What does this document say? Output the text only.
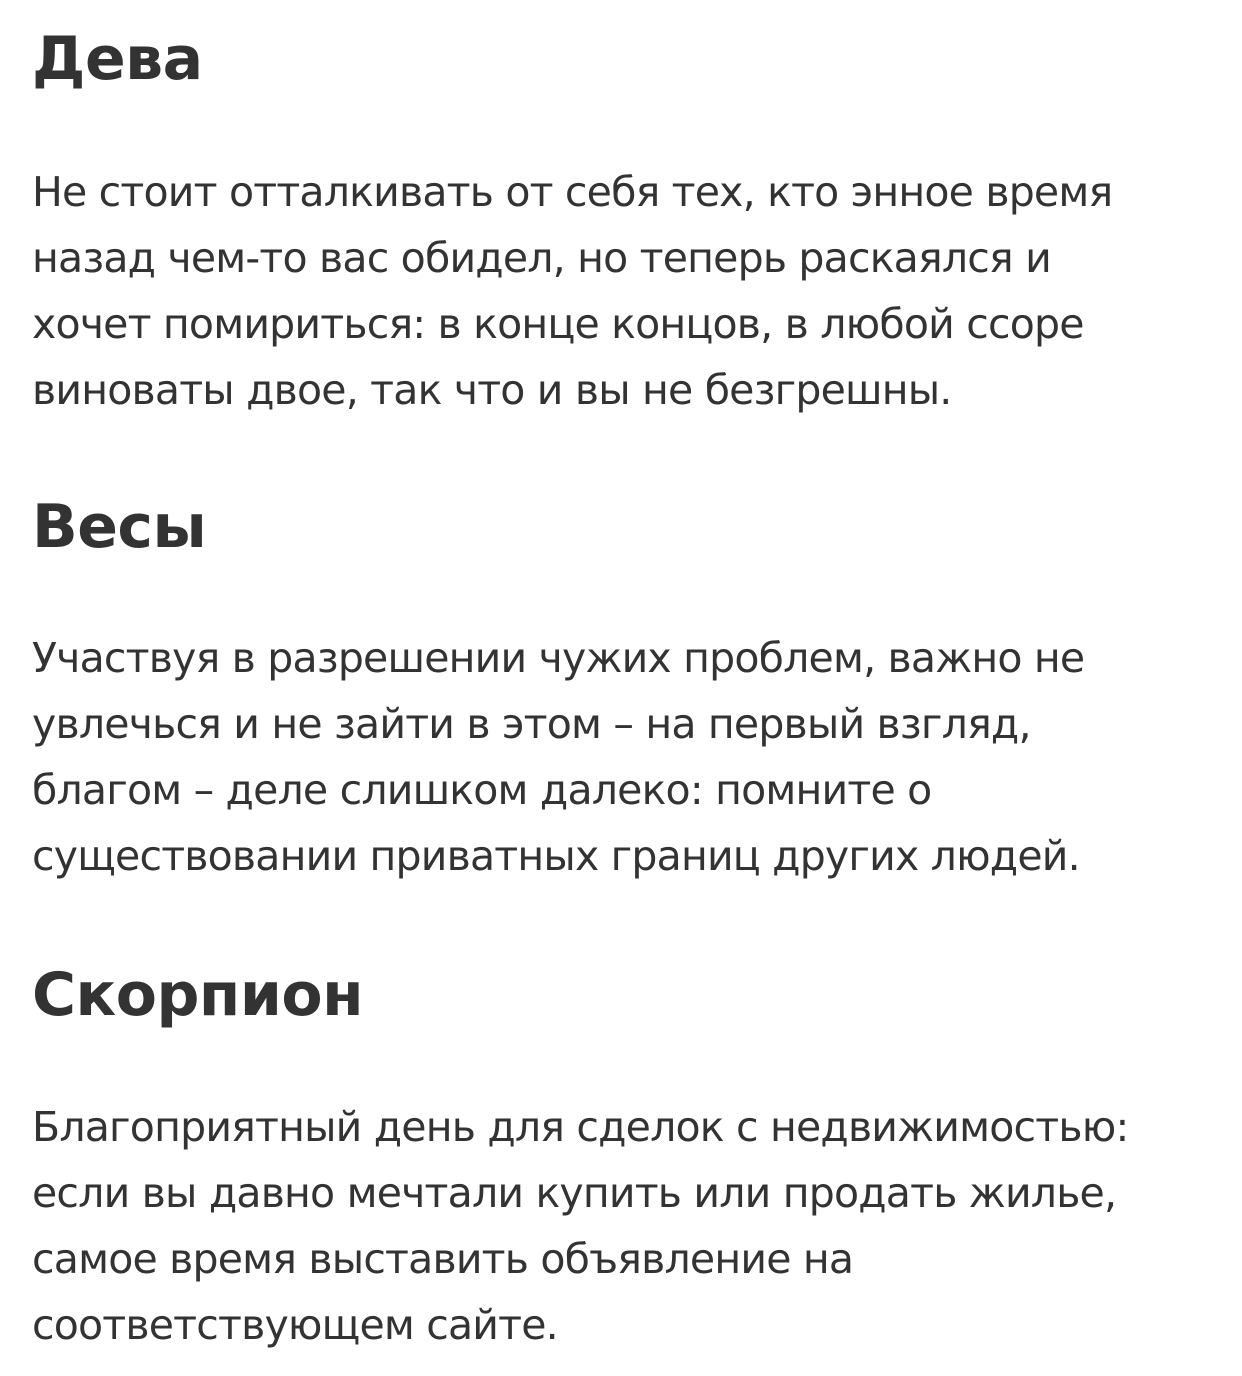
Дева

Не стоит отталкивать от себя тех, кто энное время
назад чем-то вас обидел, но теперь раскаялся и
хочет помириться: в конце концов, в любой ссоре
виноваты двое, так что и вы не безгрешны.

Весы

Участвуя в разрешении чужих проблем, важно не
увлечься и не зайти в этом – на первый взгляд,
благом – деле слишком далеко: помните о
существовании приватных границ других людей.

Скорпион

Благоприятный день для сделок с недвижимостью:
если вы давно мечтали купить или продать жилье,
самое время выставить объявление на
соответствующем сайте.
